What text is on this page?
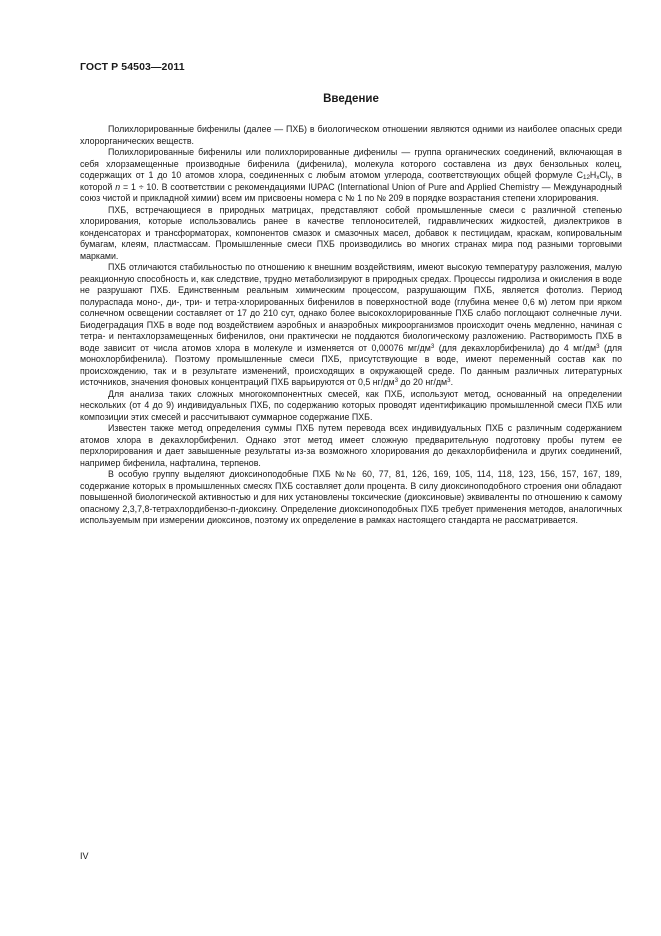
ГОСТ Р 54503—2011
Введение

Полихлорированные бифенилы (далее — ПХБ) в биологическом отношении являются одними из наиболее опасных среди хлорорганических веществ.

Полихлорированные бифенилы или полихлорированные дифенилы — группа органических соединений, включающая в себя хлорзамещенные производные бифенила (дифенила), молекула которого составлена из двух бензольных колец, содержащих от 1 до 10 атомов хлора, соединенных с любым атомом углерода, соответствующих общей формуле $C_{12}H_xCl_y$, в которой n = 1 ÷ 10. В соответствии с рекомендациями IUPAC (International Union of Pure and Applied Chemistry — Международный союз чистой и прикладной химии) всем им присвоены номера с № 1 по № 209 в порядке возрастания степени хлорирования.

ПХБ, встречающиеся в природных матрицах, представляют собой промышленные смеси с различной степенью хлорирования, которые использовались ранее в качестве теплоносителей, гидравлических жидкостей, диэлектриков в конденсаторах и трансформаторах, компонентов смазок и смазочных масел, добавок к пестицидам, краскам, копировальным бумагам, клеям, пластмассам. Промышленные смеси ПХБ производились во многих странах мира под разными торговыми марками.

ПХБ отличаются стабильностью по отношению к внешним воздействиям, имеют высокую температуру разложения, малую реакционную способность и, как следствие, трудно метаболизируют в природных средах. Процессы гидролиза и окисления в воде не разрушают ПХБ. Единственным реальным химическим процессом, разрушающим ПХБ, является фотолиз. Период полураспада моно-, ди-, три- и тетра-хлорированных бифенилов в поверхностной воде (глубина менее 0,6 м) летом при ярком солнечном освещении составляет от 17 до 210 сут, однако более высокохлорированные ПХБ слабо поглощают солнечные лучи. Биодеградация ПХБ в воде под воздействием аэробных и анаэробных микроорганизмов происходит очень медленно, начиная с тетра- и пентахлорзамещенных бифенилов, они практически не поддаются биологическому разложению. Растворимость ПХБ в воде зависит от числа атомов хлора в молекуле и изменяется от 0,00076 $мг/дм^3$ (для декахлорбифенила) до 4 $мг/дм^3$ (для монохлорбифенила). Поэтому промышленные смеси ПХБ, присутствующие в воде, имеют переменный состав как по происхождению, так и в результате изменений, происходящих в окружающей среде. По данным различных литературных источников, значения фоновых концентраций ПХБ варьируются от 0,5 $нг/дм^3$ до 20 $нг/дм^3$.

Для анализа таких сложных многокомпонентных смесей, как ПХБ, используют метод, основанный на определении нескольких (от 4 до 9) индивидуальных ПХБ, по содержанию которых проводят идентификацию промышленной смеси ПХБ или композиции этих смесей и рассчитывают суммарное содержание ПХБ.

Известен также метод определения суммы ПХБ путем перевода всех индивидуальных ПХБ с различным содержанием атомов хлора в декахлорбифенил. Однако этот метод имеет сложную предварительную подготовку пробы путем ее перхлорирования и дает завышенные результаты из-за возможного хлорирования до декахлорбифенила и других соединений, например бифенила, нафталина, терпенов.

В особую группу выделяют диоксиноподобные ПХБ №№ 60, 77, 81, 126, 169, 105, 114, 118, 123, 156, 157, 167, 189, содержание которых в промышленных смесях ПХБ составляет доли процента. В силу диоксиноподобного строения они обладают повышенной биологической активностью и для них установлены токсические (диоксиновые) эквиваленты по отношению к самому опасному 2,3,7,8-тетрахлордибензо-п-диоксину. Определение диоксиноподобных ПХБ требует применения методов, аналогичных используемым при измерении диоксинов, поэтому их определение в рамках настоящего стандарта не рассматривается.

IV
